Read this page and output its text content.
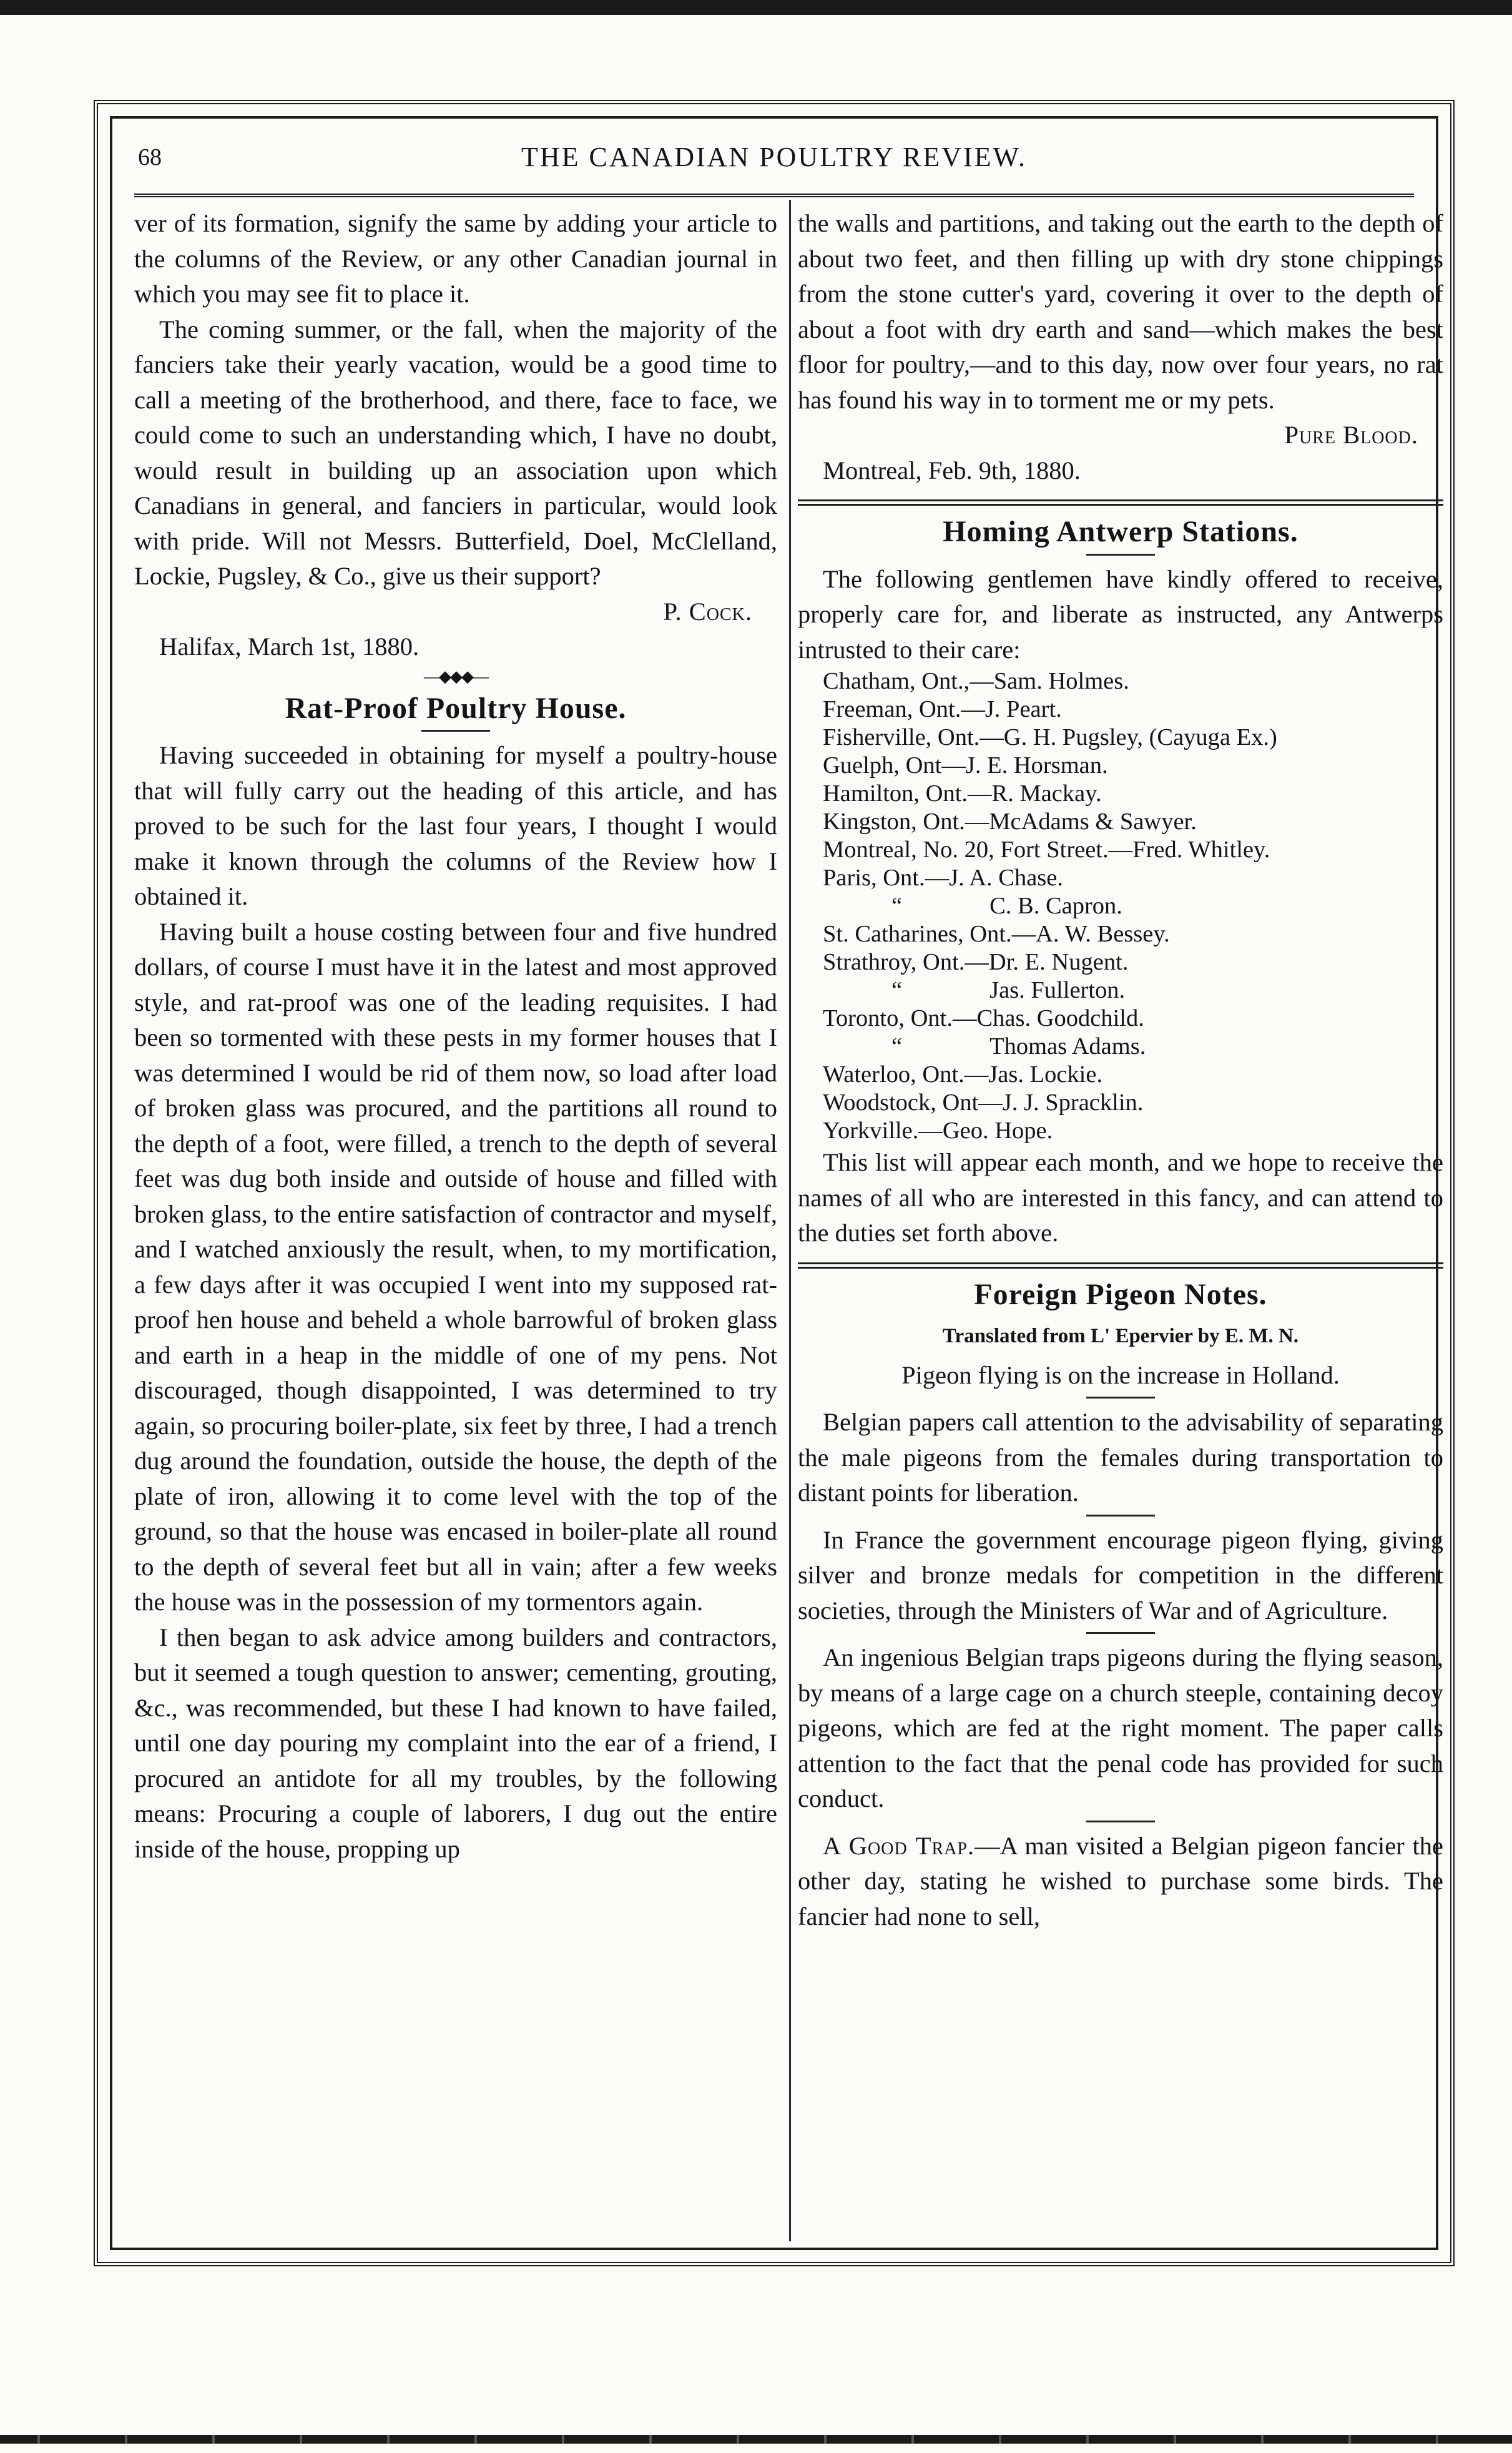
68	THE CANADIAN POULTRY REVIEW.

ver of its formation, signify the same by adding your article to the columns of the Review, or any other Canadian journal in which you may see fit to place it.

The coming summer, or the fall, when the majority of the fanciers take their yearly vacation, would be a good time to call a meeting of the brotherhood, and there, face to face, we could come to such an understanding which, I have no doubt, would result in building up an association upon which Canadians in general, and fanciers in particular, would look with pride. Will not Messrs. Butterfield, Doel, McClelland, Lockie, Pugsley, & Co., give us their support?

P. Cock.

Halifax, March 1st, 1880.

—◆◆◆—
Rat-Proof Poultry House.

Having succeeded in obtaining for myself a poultry-house that will fully carry out the heading of this article, and has proved to be such for the last four years, I thought I would make it known through the columns of the Review how I obtained it.

Having built a house costing between four and five hundred dollars, of course I must have it in the latest and most approved style, and rat-proof was one of the leading requisites. I had been so tormented with these pests in my former houses that I was determined I would be rid of them now, so load after load of broken glass was procured, and the partitions all round to the depth of a foot, were filled, a trench to the depth of several feet was dug both inside and outside of house and filled with broken glass, to the entire satisfaction of contractor and myself, and I watched anxiously the result, when, to my mortification, a few days after it was occupied I went into my supposed rat-proof hen house and beheld a whole barrowful of broken glass and earth in a heap in the middle of one of my pens. Not discouraged, though disappointed, I was determined to try again, so procuring boiler-plate, six feet by three, I had a trench dug around the foundation, outside the house, the depth of the plate of iron, allowing it to come level with the top of the ground, so that the house was encased in boiler-plate all round to the depth of several feet but all in vain; after a few weeks the house was in the possession of my tormentors again.

I then began to ask advice among builders and contractors, but it seemed a tough question to answer; cementing, grouting, &c., was recommended, but these I had known to have failed, until one day pouring my complaint into the ear of a friend, I procured an antidote for all my troubles, by the following means: Procuring a couple of laborers, I dug out the entire inside of the house, propping up

the walls and partitions, and taking out the earth to the depth of about two feet, and then filling up with dry stone chippings from the stone cutter's yard, covering it over to the depth of about a foot with dry earth and sand—which makes the best floor for poultry,—and to this day, now over four years, no rat has found his way in to torment me or my pets.

Pure Blood.

Montreal, Feb. 9th, 1880.

Homing Antwerp Stations.

The following gentlemen have kindly offered to receive, properly care for, and liberate as instructed, any Antwerps intrusted to their care:

Chatham, Ont.,—Sam. Holmes.
Freeman, Ont.—J. Peart.
Fisherville, Ont.—G. H. Pugsley, (Cayuga Ex.)
Guelph, Ont—J. E. Horsman.
Hamilton, Ont.—R. Mackay.
Kingston, Ont.—McAdams & Sawyer.
Montreal, No. 20, Fort Street.—Fred. Whitley.
Paris, Ont.—J. A. Chase.
“	C. B. Capron.
St. Catharines, Ont.—A. W. Bessey.
Strathroy, Ont.—Dr. E. Nugent.
“	Jas. Fullerton.
Toronto, Ont.—Chas. Goodchild.
“	Thomas Adams.
Waterloo, Ont.—Jas. Lockie.
Woodstock, Ont—J. J. Spracklin.
Yorkville.—Geo. Hope.

This list will appear each month, and we hope to receive the names of all who are interested in this fancy, and can attend to the duties set forth above.

Foreign Pigeon Notes.
Translated from L' Epervier by E. M. N.

Pigeon flying is on the increase in Holland.

Belgian papers call attention to the advisability of separating the male pigeons from the females during transportation to distant points for liberation.

In France the government encourage pigeon flying, giving silver and bronze medals for competition in the different societies, through the Ministers of War and of Agriculture.

An ingenious Belgian traps pigeons during the flying season, by means of a large cage on a church steeple, containing decoy pigeons, which are fed at the right moment. The paper calls attention to the fact that the penal code has provided for such conduct.

A Good Trap.—A man visited a Belgian pigeon fancier the other day, stating he wished to purchase some birds. The fancier had none to sell,
